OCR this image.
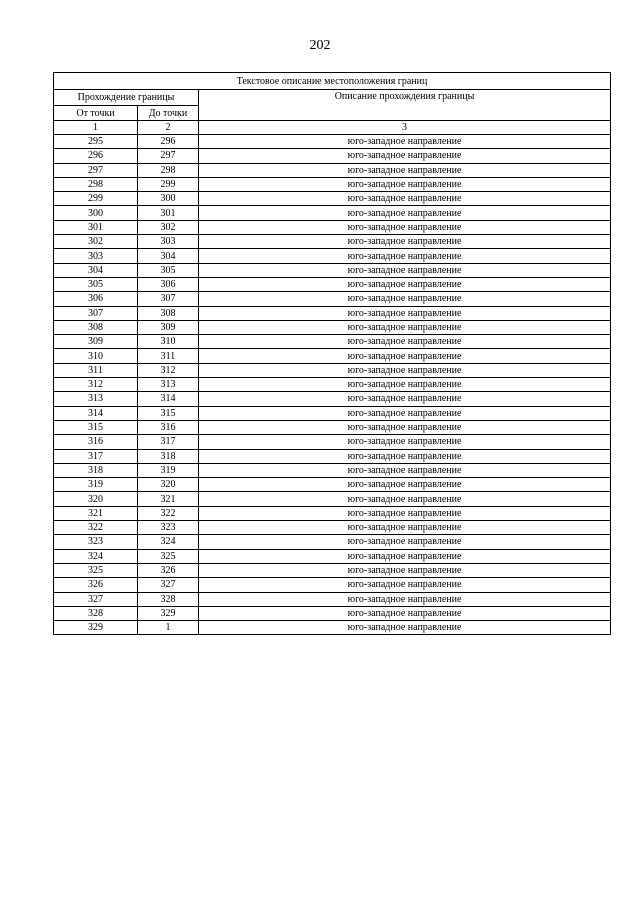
202
Текстовое описание местоположения границ		
Прохождение границы		Описание прохождения границы
От точки	До точки	
1	2	3
295	296	юго-западное направление
296	297	юго-западное направление
297	298	юго-западное направление
298	299	юго-западное направление
299	300	юго-западное направление
300	301	юго-западное направление
301	302	юго-западное направление
302	303	юго-западное направление
303	304	юго-западное направление
304	305	юго-западное направление
305	306	юго-западное направление
306	307	юго-западное направление
307	308	юго-западное направление
308	309	юго-западное направление
309	310	юго-западное направление
310	311	юго-западное направление
311	312	юго-западное направление
312	313	юго-западное направление
313	314	юго-западное направление
314	315	юго-западное направление
315	316	юго-западное направление
316	317	юго-западное направление
317	318	юго-западное направление
318	319	юго-западное направление
319	320	юго-западное направление
320	321	юго-западное направление
321	322	юго-западное направление
322	323	юго-западное направление
323	324	юго-западное направление
324	325	юго-западное направление
325	326	юго-западное направление
326	327	юго-западное направление
327	328	юго-западное направление
328	329	юго-западное направление
329	1	юго-западное направление
